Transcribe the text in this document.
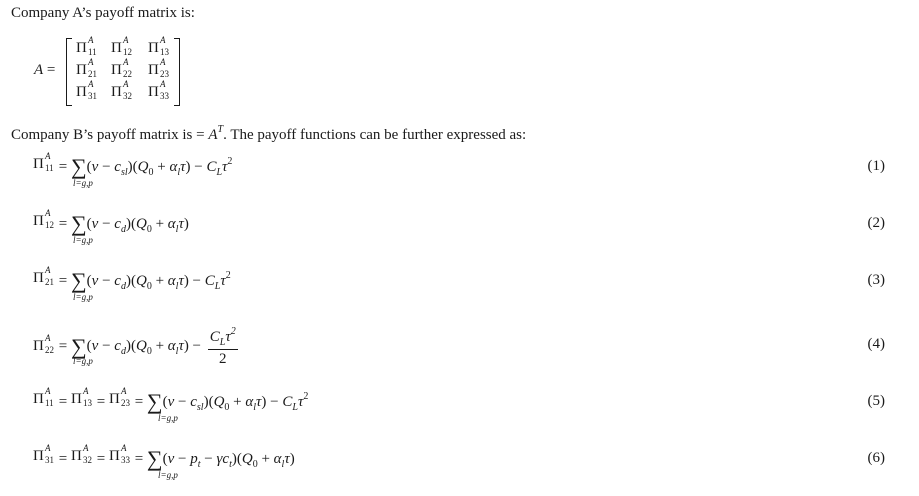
Company A’s payoff matrix is:
A =
Π A
11 Π A
12 Π A
13
Π A
21 Π A
22 Π A
23
Π A
31 Π A
32 Π A
33
Company B’s payoff matrix is = $A^T$. The payoff functions can be further expressed as:
Π A
$11 = \sum(v - c_{sl})(Q_0 + \alpha_l\tau) - C_L\tau^2$
l=g,p
(1)
Π A
$12 = \sum(v - c_d)(Q_0 + \alpha_l\tau)$
l=g,p
(2)
Π A
$21 = \sum(v - c_d)(Q_0 + \alpha_l\tau) - C_L\tau^2$
l=g,p
(3)
Π A
$22 = \sum(v - c_d)(Q_0 + \alpha_l\tau) - \frac{C_L\tau^2}{2}$
l=g,p
(4)
Π A
11 = Π A
13 = Π A
$23 = \sum(v - c_{sl})(Q_0 + \alpha_l\tau) - C_L\tau^2$
l=g,p
(5)
Π A
31 = Π A
32 = Π A
$33 = \sum(v - p_t - \gamma c_t)(Q_0 + \alpha_l\tau)$
l=g,p
(6)
